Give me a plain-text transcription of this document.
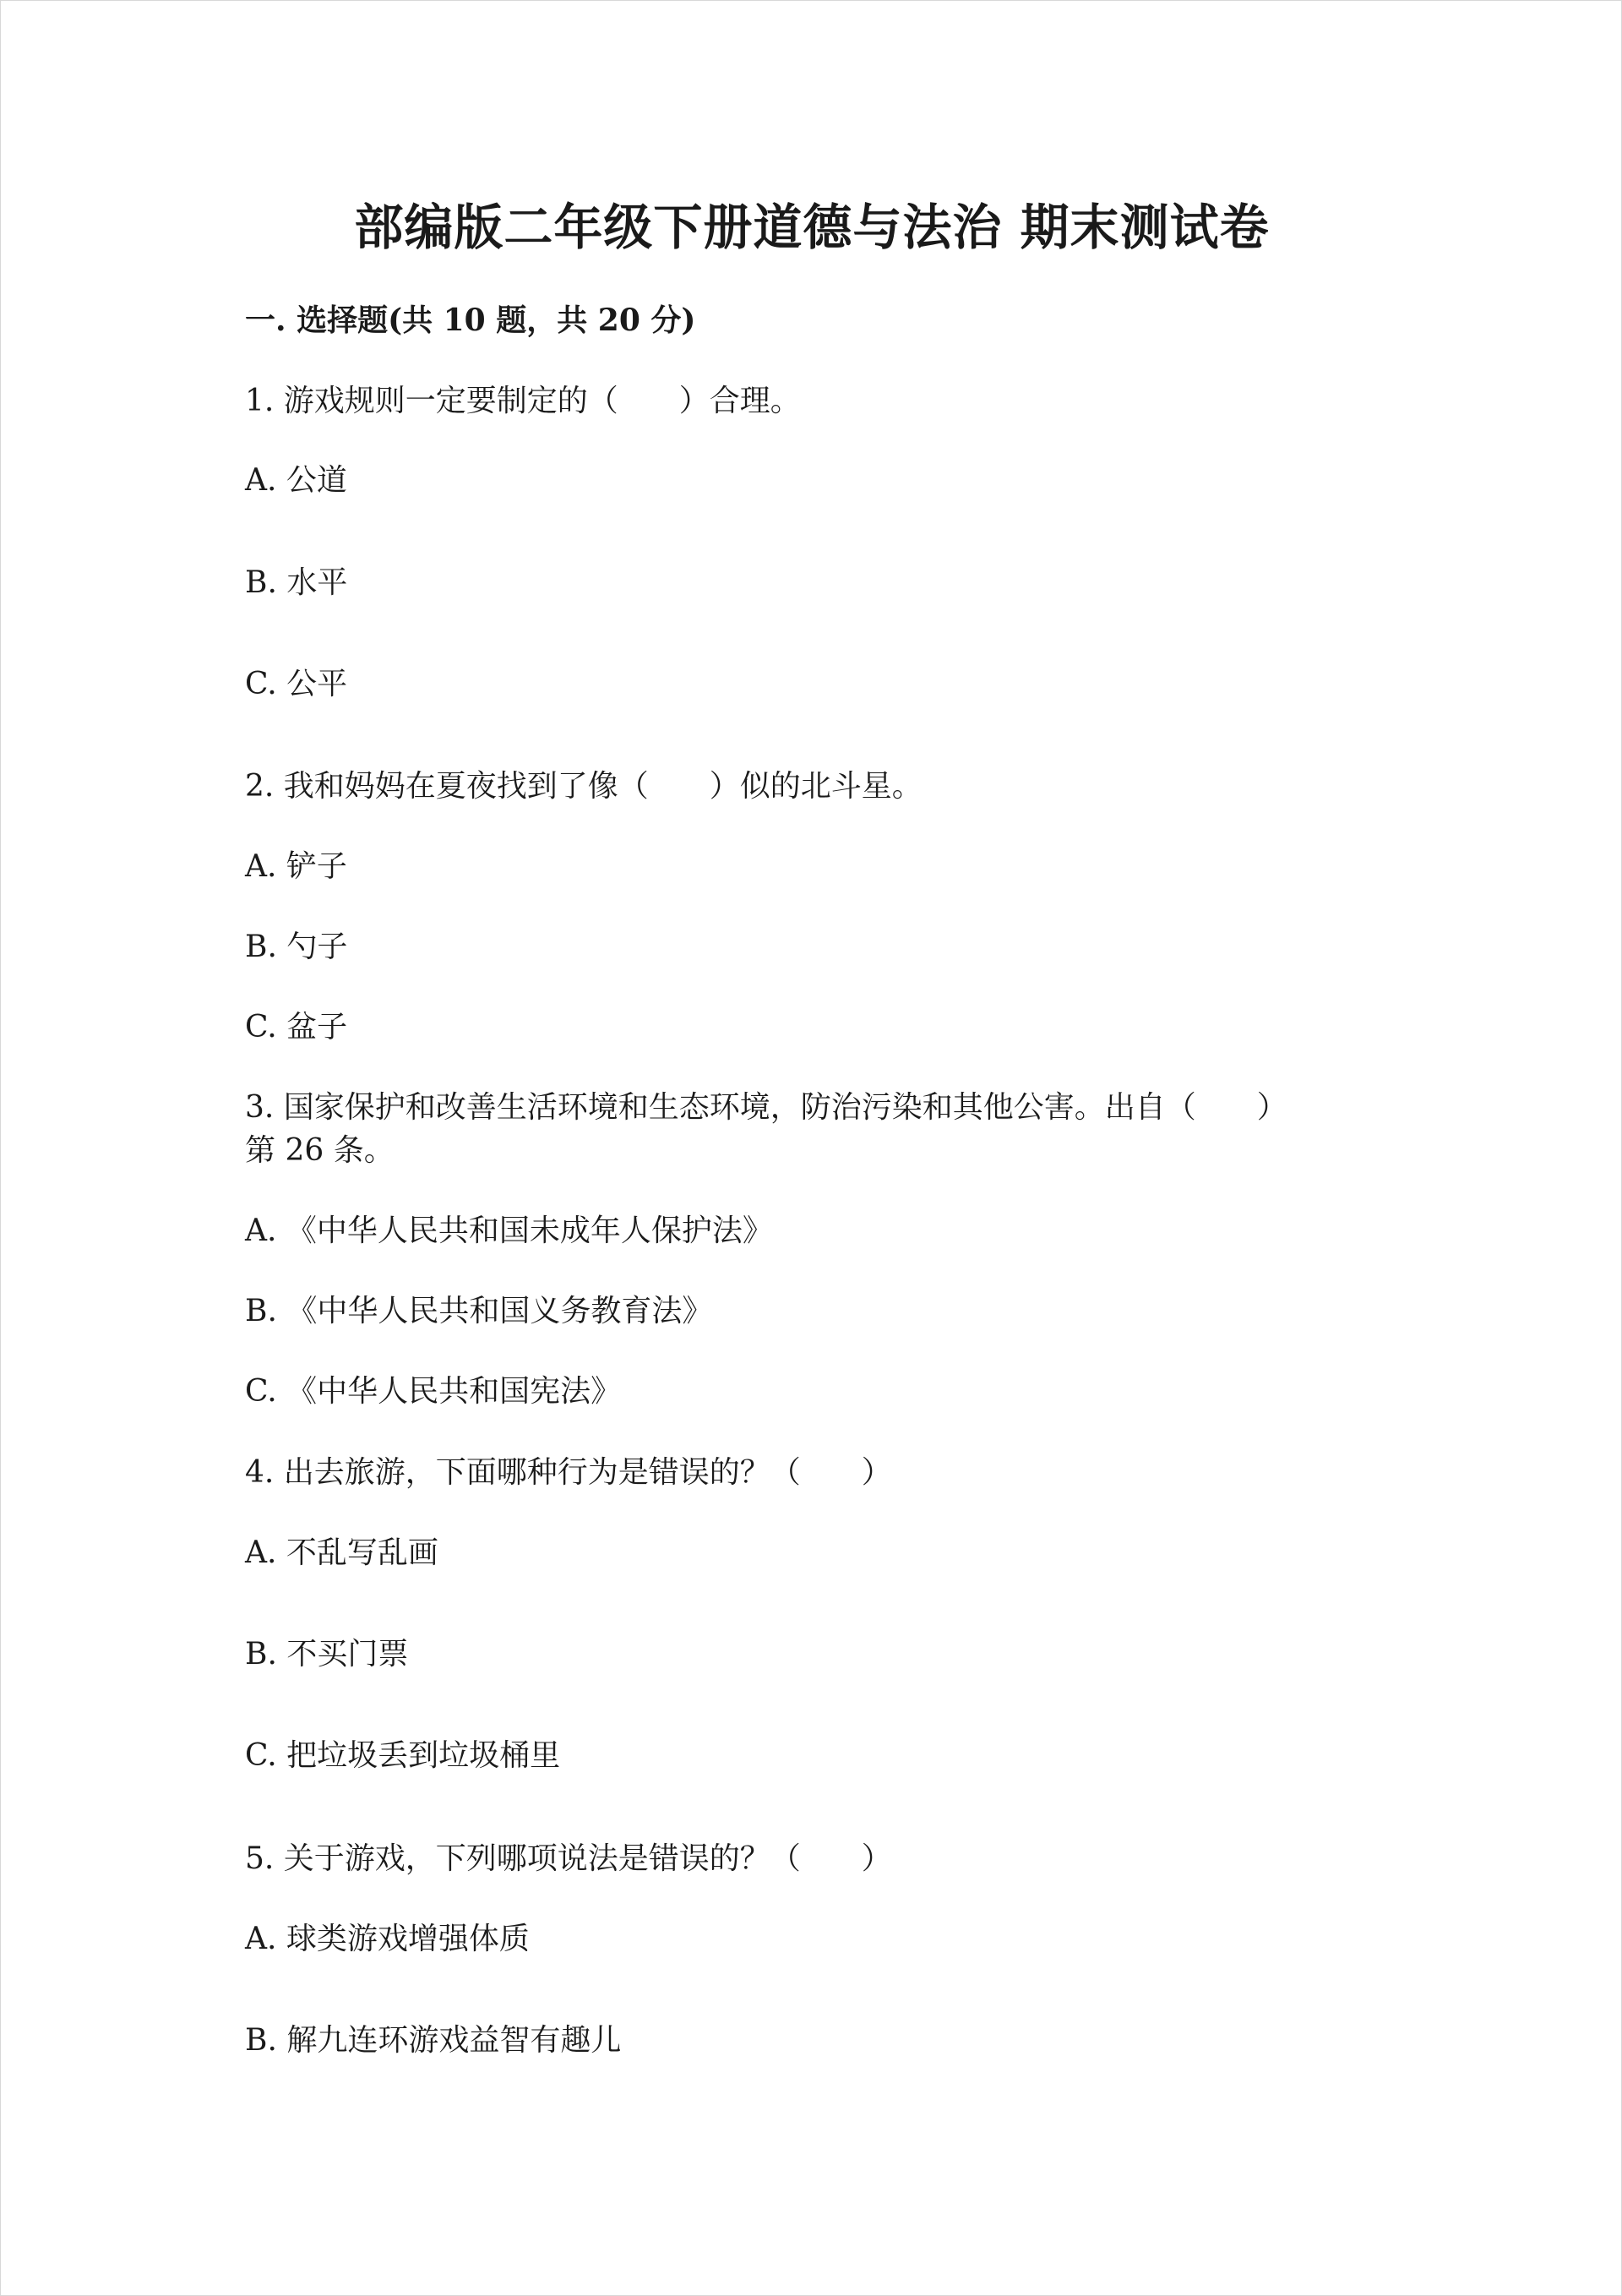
部编版二年级下册道德与法治 期末测试卷
一. 选择题(共 10 题，共 20 分)
1. 游戏规则一定要制定的（　　）合理。
A. 公道
B. 水平
C. 公平
2. 我和妈妈在夏夜找到了像（　　）似的北斗星。
A. 铲子
B. 勺子
C. 盆子
3. 国家保护和改善生活环境和生态环境，防治污染和其他公害。出自（　　）
第 26 条。
A. 《中华人民共和国未成年人保护法》
B. 《中华人民共和国义务教育法》
C. 《中华人民共和国宪法》
4. 出去旅游，下面哪种行为是错误的？（　　）
A. 不乱写乱画
B. 不买门票
C. 把垃圾丢到垃圾桶里
5. 关于游戏，下列哪项说法是错误的？（　　）
A. 球类游戏增强体质
B. 解九连环游戏益智有趣儿
